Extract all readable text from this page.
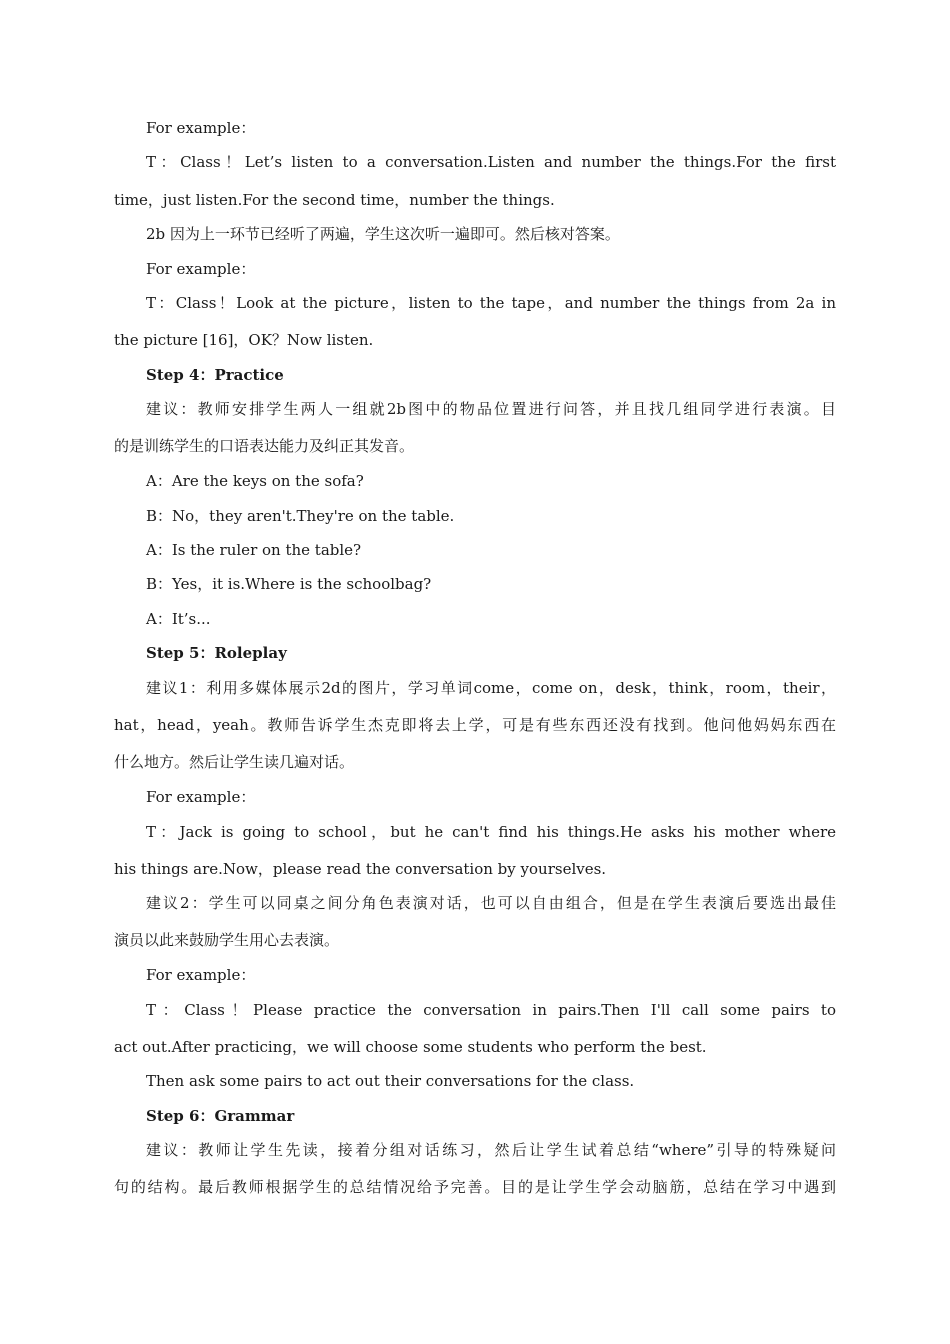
For example：
T：Class！Let’s listen to a conversation.Listen and number the things.For the first
time，just listen.For the second time，number the things.
2b 因为上一环节已经听了两遍，学生这次听一遍即可。然后核对答案。
For example：
T：Class！Look at the picture，listen to the tape，and number the things from 2a in
the picture [16]，OK？Now listen.
Step 4：Practice
建议：教师安排学生两人一组就2b图中的物品位置进行问答，并且找几组同学进行表演。目
的是训练学生的口语表达能力及纠正其发音。
A：Are the keys on the sofa?
B：No，they aren't.They're on the table.
A：Is the ruler on the table?
B：Yes，it is.Where is the schoolbag?
A：It’s...
Step 5：Roleplay
建议1：利用多媒体展示2d的图片，学习单词come，come on，desk，think，room，their，
hat，head，yeah。教师告诉学生杰克即将去上学，可是有些东西还没有找到。他问他妈妈东西在
什么地方。然后让学生读几遍对话。
For example：
T：Jack is going to school，but he can't find his things.He asks his mother where
his things are.Now，please read the conversation by yourselves.
建议2：学生可以同桌之间分角色表演对话，也可以自由组合，但是在学生表演后要选出最佳
演员以此来鼓励学生用心去表演。
For example：
T：Class！Please practice the conversation in pairs.Then I'll call some pairs to
act out.After practicing，we will choose some students who perform the best.
Then ask some pairs to act out their conversations for the class.
Step 6：Grammar
建议：教师让学生先读，接着分组对话练习，然后让学生试着总结“where”引导的特殊疑问
句的结构。最后教师根据学生的总结情况给予完善。目的是让学生学会动脑筋，总结在学习中遇到
